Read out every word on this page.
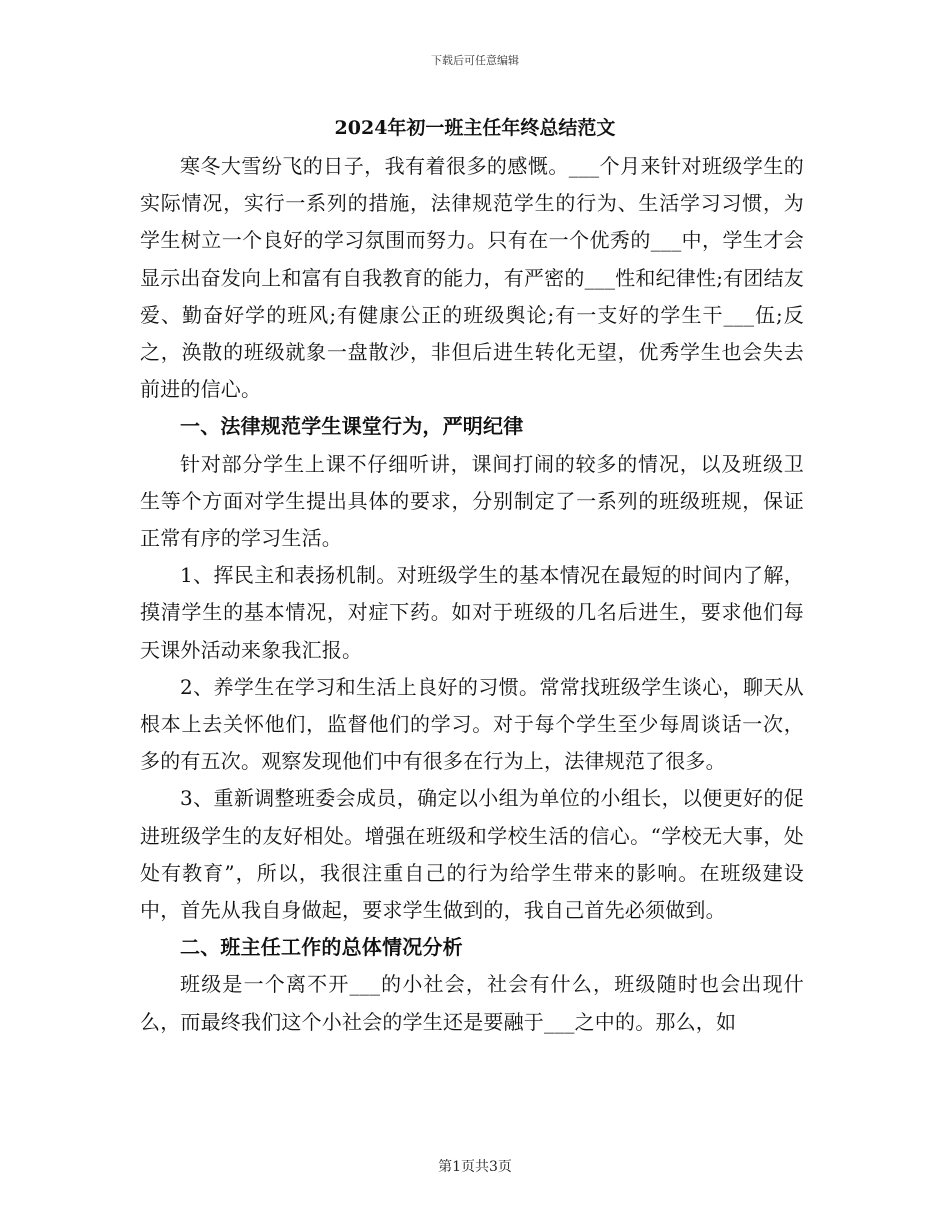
下载后可任意编辑
2024年初一班主任年终总结范文

寒冬大雪纷飞的日子，我有着很多的感慨。___个月来针对班级学生的实际情况，实行一系列的措施，法律规范学生的行为、生活学习习惯，为学生树立一个良好的学习氛围而努力。只有在一个优秀的___中，学生才会显示出奋发向上和富有自我教育的能力，有严密的___性和纪律性;有团结友爱、勤奋好学的班风;有健康公正的班级舆论;有一支好的学生干___伍;反之，涣散的班级就象一盘散沙，非但后进生转化无望，优秀学生也会失去前进的信心。

一、法律规范学生课堂行为，严明纪律

针对部分学生上课不仔细听讲，课间打闹的较多的情况，以及班级卫生等个方面对学生提出具体的要求，分别制定了一系列的班级班规，保证正常有序的学习生活。

1、挥民主和表扬机制。对班级学生的基本情况在最短的时间内了解，摸清学生的基本情况，对症下药。如对于班级的几名后进生，要求他们每天课外活动来象我汇报。

2、养学生在学习和生活上良好的习惯。常常找班级学生谈心，聊天从根本上去关怀他们，监督他们的学习。对于每个学生至少每周谈话一次，多的有五次。观察发现他们中有很多在行为上，法律规范了很多。

3、重新调整班委会成员，确定以小组为单位的小组长，以便更好的促进班级学生的友好相处。增强在班级和学校生活的信心。“学校无大事，处处有教育”，所以，我很注重自己的行为给学生带来的影响。在班级建设中，首先从我自身做起，要求学生做到的，我自己首先必须做到。

二、班主任工作的总体情况分析

班级是一个离不开___的小社会，社会有什么，班级随时也会出现什么，而最终我们这个小社会的学生还是要融于___之中的。那么，如

第1页共3页
